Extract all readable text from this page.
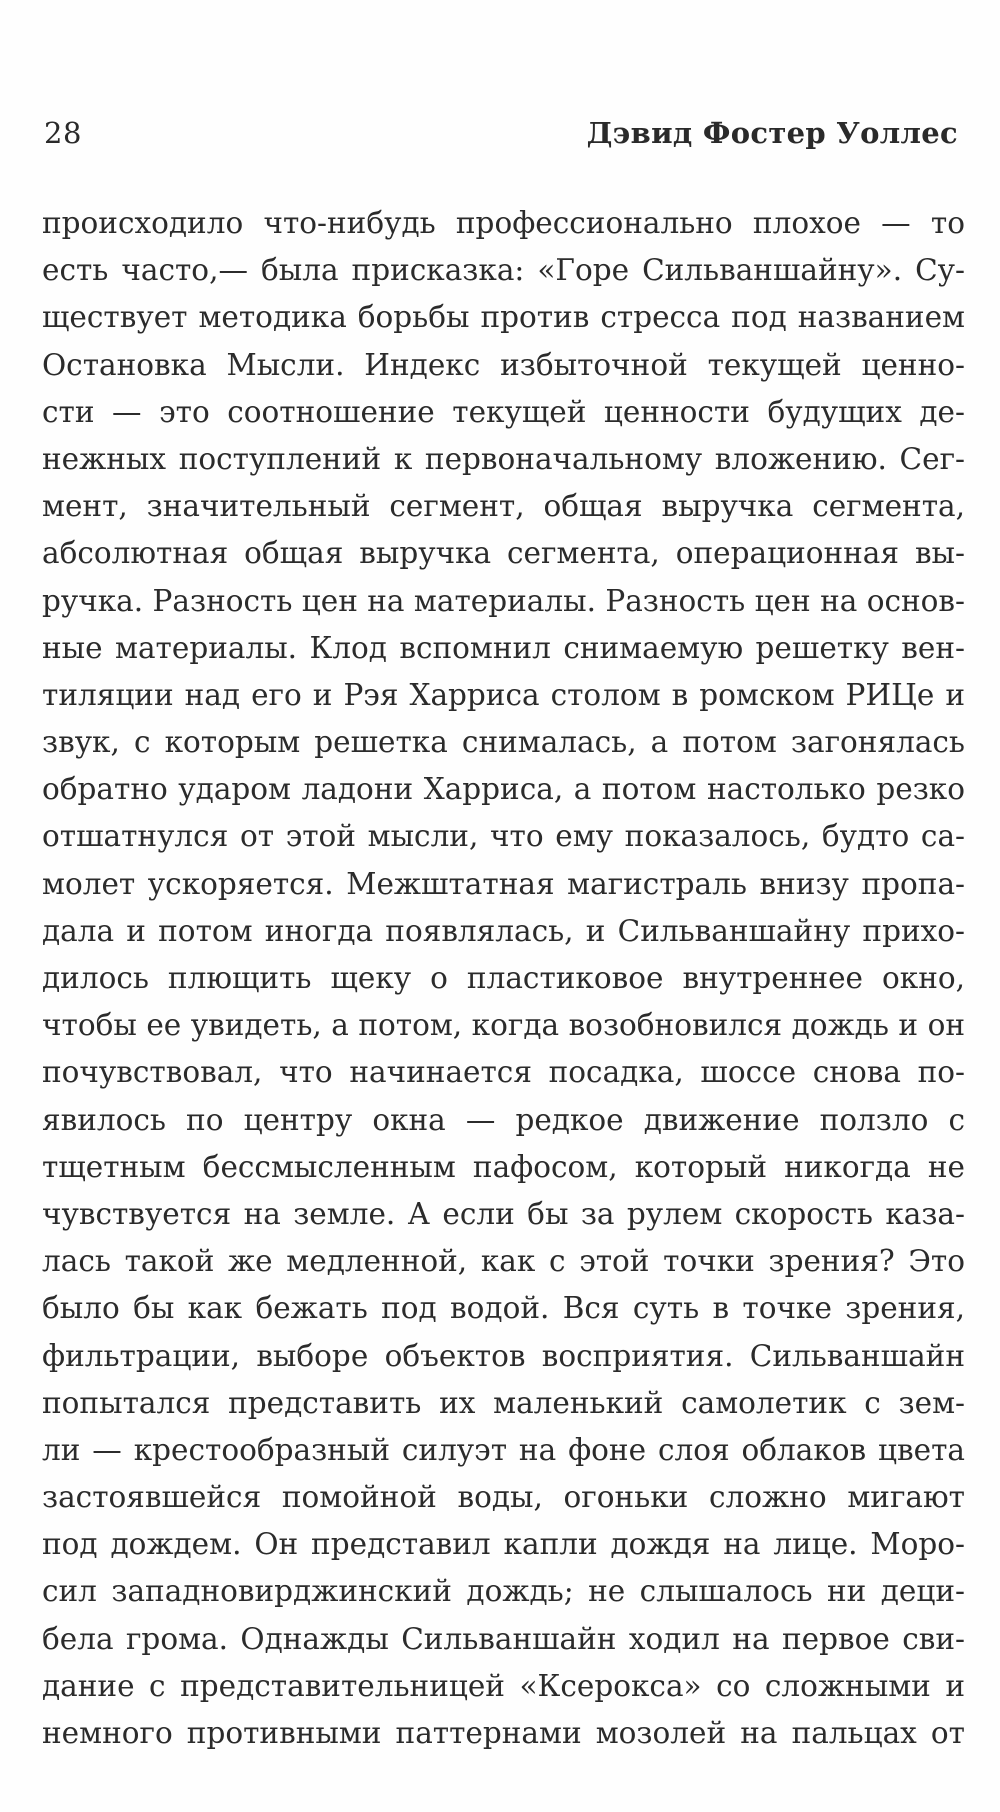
28	Дэвид Фостер Уоллес
происходило что-нибудь профессионально плохое — то
есть часто,— была присказка: «Горе Сильваншайну». Су-
ществует методика борьбы против стресса под названием
Остановка Мысли. Индекс избыточной текущей ценно-
сти — это соотношение текущей ценности будущих де-
нежных поступлений к первоначальному вложению. Сег-
мент, значительный сегмент, общая выручка сегмента,
абсолютная общая выручка сегмента, операционная вы-
ручка. Разность цен на материалы. Разность цен на основ-
ные материалы. Клод вспомнил снимаемую решетку вен-
тиляции над его и Рэя Харриса столом в ромском РИЦе и
звук, с которым решетка снималась, а потом загонялась
обратно ударом ладони Харриса, а потом настолько резко
отшатнулся от этой мысли, что ему показалось, будто са-
молет ускоряется. Межштатная магистраль внизу пропа-
дала и потом иногда появлялась, и Сильваншайну прихо-
дилось плющить щеку о пластиковое внутреннее окно,
чтобы ее увидеть, а потом, когда возобновился дождь и он
почувствовал, что начинается посадка, шоссе снова по-
явилось по центру окна — редкое движение ползло с
тщетным бессмысленным пафосом, который никогда не
чувствуется на земле. А если бы за рулем скорость каза-
лась такой же медленной, как с этой точки зрения? Это
было бы как бежать под водой. Вся суть в точке зрения,
фильтрации, выборе объектов восприятия. Сильваншайн
попытался представить их маленький самолетик с зем-
ли — крестообразный силуэт на фоне слоя облаков цвета
застоявшейся помойной воды, огоньки сложно мигают
под дождем. Он представил капли дождя на лице. Моро-
сил западновирджинский дождь; не слышалось ни деци-
бела грома. Однажды Сильваншайн ходил на первое сви-
дание с представительницей «Ксерокса» со сложными и
немного противными паттернами мозолей на пальцах от
